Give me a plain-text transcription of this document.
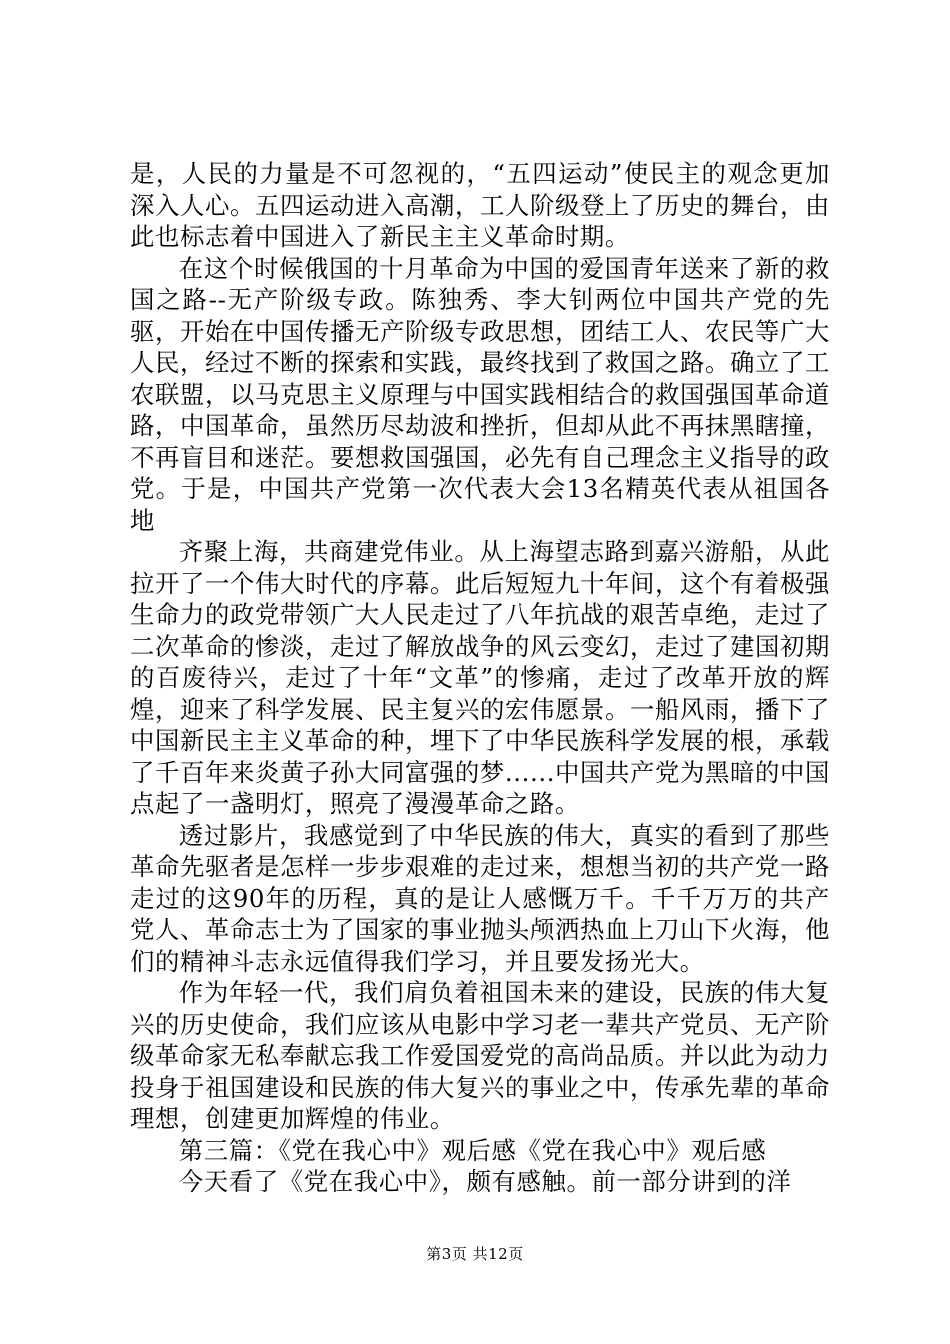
是，人民的力量是不可忽视的，“五四运动”使民主的观念更加深入人心。五四运动进入高潮，工人阶级登上了历史的舞台，由此也标志着中国进入了新民主主义革命时期。

在这个时候俄国的十月革命为中国的爱国青年送来了新的救国之路--无产阶级专政。陈独秀、李大钊两位中国共产党的先驱，开始在中国传播无产阶级专政思想，团结工人、农民等广大人民，经过不断的探索和实践，最终找到了救国之路。确立了工农联盟，以马克思主义原理与中国实践相结合的救国强国革命道路，中国革命，虽然历尽劫波和挫折，但却从此不再抹黑瞎撞，不再盲目和迷茫。要想救国强国，必先有自己理念主义指导的政党。于是，中国共产党第一次代表大会13名精英代表从祖国各地

齐聚上海，共商建党伟业。从上海望志路到嘉兴游船，从此拉开了一个伟大时代的序幕。此后短短九十年间，这个有着极强生命力的政党带领广大人民走过了八年抗战的艰苦卓绝，走过了二次革命的惨淡，走过了解放战争的风云变幻，走过了建国初期的百废待兴，走过了十年“文革”的惨痛，走过了改革开放的辉煌，迎来了科学发展、民主复兴的宏伟愿景。一船风雨，播下了中国新民主主义革命的种，埋下了中华民族科学发展的根，承载了千百年来炎黄子孙大同富强的梦......中国共产党为黑暗的中国点起了一盏明灯，照亮了漫漫革命之路。

透过影片，我感觉到了中华民族的伟大，真实的看到了那些革命先驱者是怎样一步步艰难的走过来，想想当初的共产党一路走过的这90年的历程，真的是让人感慨万千。千千万万的共产党人、革命志士为了国家的事业抛头颅洒热血上刀山下火海，他们的精神斗志永远值得我们学习，并且要发扬光大。

作为年轻一代，我们肩负着祖国未来的建设，民族的伟大复兴的历史使命，我们应该从电影中学习老一辈共产党员、无产阶级革命家无私奉献忘我工作爱国爱党的高尚品质。并以此为动力投身于祖国建设和民族的伟大复兴的事业之中，传承先辈的革命理想，创建更加辉煌的伟业。

第三篇：《党在我心中》观后感《党在我心中》观后感

今天看了《党在我心中》，颇有感触。前一部分讲到的洋

第3页 共12页
